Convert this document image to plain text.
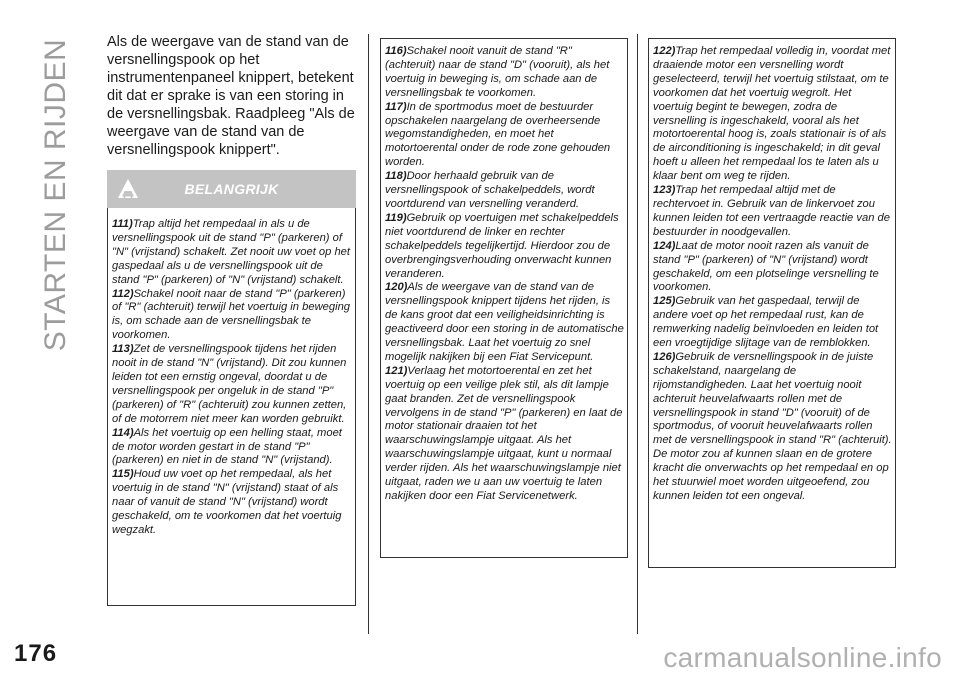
STARTEN EN RIJDEN
176	carmanualsonline.info
Als de weergave van de stand van de versnellingspook op het instrumentenpaneel knippert, betekent dit dat er sprake is van een storing in de versnellingsbak. Raadpleeg "Als de weergave van de stand van de versnellingspook knippert".
BELANGRIJK

111)Trap altijd het rempedaal in als u de versnellingspook uit de stand "P" (parkeren) of "N" (vrijstand) schakelt. Zet nooit uw voet op het gaspedaal als u de versnellingspook uit de stand "P" (parkeren) of "N" (vrijstand) schakelt.

112)Schakel nooit naar de stand "P" (parkeren) of "R" (achteruit) terwijl het voertuig in beweging is, om schade aan de versnellingsbak te voorkomen.

113)Zet de versnellingspook tijdens het rijden nooit in de stand "N" (vrijstand). Dit zou kunnen leiden tot een ernstig ongeval, doordat u de versnellingspook per ongeluk in de stand "P" (parkeren) of "R" (achteruit) zou kunnen zetten, of de motorrem niet meer kan worden gebruikt.

114)Als het voertuig op een helling staat, moet de motor worden gestart in de stand "P" (parkeren) en niet in de stand "N" (vrijstand).

115)Houd uw voet op het rempedaal, als het voertuig in de stand "N" (vrijstand) staat of als naar of vanuit de stand "N" (vrijstand) wordt geschakeld, om te voorkomen dat het voertuig wegzakt.

116)Schakel nooit vanuit de stand "R" (achteruit) naar de stand "D" (vooruit), als het voertuig in beweging is, om schade aan de versnellingsbak te voorkomen.

117)In de sportmodus moet de bestuurder opschakelen naargelang de overheersende wegomstandigheden, en moet het motortoerental onder de rode zone gehouden worden.

118)Door herhaald gebruik van de versnellingspook of schakelpeddels, wordt voortdurend van versnelling veranderd.

119)Gebruik op voertuigen met schakelpeddels niet voortdurend de linker en rechter schakelpeddels tegelijkertijd. Hierdoor zou de overbrengingsverhouding onverwacht kunnen veranderen.

120)Als de weergave van de stand van de versnellingspook knippert tijdens het rijden, is de kans groot dat een veiligheidsinrichting is geactiveerd door een storing in de automatische versnellingsbak. Laat het voertuig zo snel mogelijk nakijken bij een Fiat Servicepunt.

121)Verlaag het motortoerental en zet het voertuig op een veilige plek stil, als dit lampje gaat branden. Zet de versnellingspook vervolgens in de stand "P" (parkeren) en laat de motor stationair draaien tot het waarschuwingslampje uitgaat. Als het waarschuwingslampje uitgaat, kunt u normaal verder rijden. Als het waarschuwingslampje niet uitgaat, raden we u aan uw voertuig te laten nakijken door een Fiat Servicenetwerk.

122)Trap het rempedaal volledig in, voordat met draaiende motor een versnelling wordt geselecteerd, terwijl het voertuig stilstaat, om te voorkomen dat het voertuig wegrolt. Het voertuig begint te bewegen, zodra de versnelling is ingeschakeld, vooral als het motortoerental hoog is, zoals stationair is of als de airconditioning is ingeschakeld; in dit geval hoeft u alleen het rempedaal los te laten als u klaar bent om weg te rijden.

123)Trap het rempedaal altijd met de rechtervoet in. Gebruik van de linkervoet zou kunnen leiden tot een vertraagde reactie van de bestuurder in noodgevallen.

124)Laat de motor nooit razen als vanuit de stand "P" (parkeren) of "N" (vrijstand) wordt geschakeld, om een plotselinge versnelling te voorkomen.

125)Gebruik van het gaspedaal, terwijl de andere voet op het rempedaal rust, kan de remwerking nadelig beïnvloeden en leiden tot een vroegtijdige slijtage van de remblokken.

126)Gebruik de versnellingspook in de juiste schakelstand, naargelang de rijomstandigheden. Laat het voertuig nooit achteruit heuvelafwaarts rollen met de versnellingspook in stand "D" (vooruit) of de sportmodus, of vooruit heuvelafwaarts rollen met de versnellingspook in stand "R" (achteruit). De motor zou af kunnen slaan en de grotere kracht die onverwachts op het rempedaal en op het stuurwiel moet worden uitgeoefend, zou kunnen leiden tot een ongeval.
